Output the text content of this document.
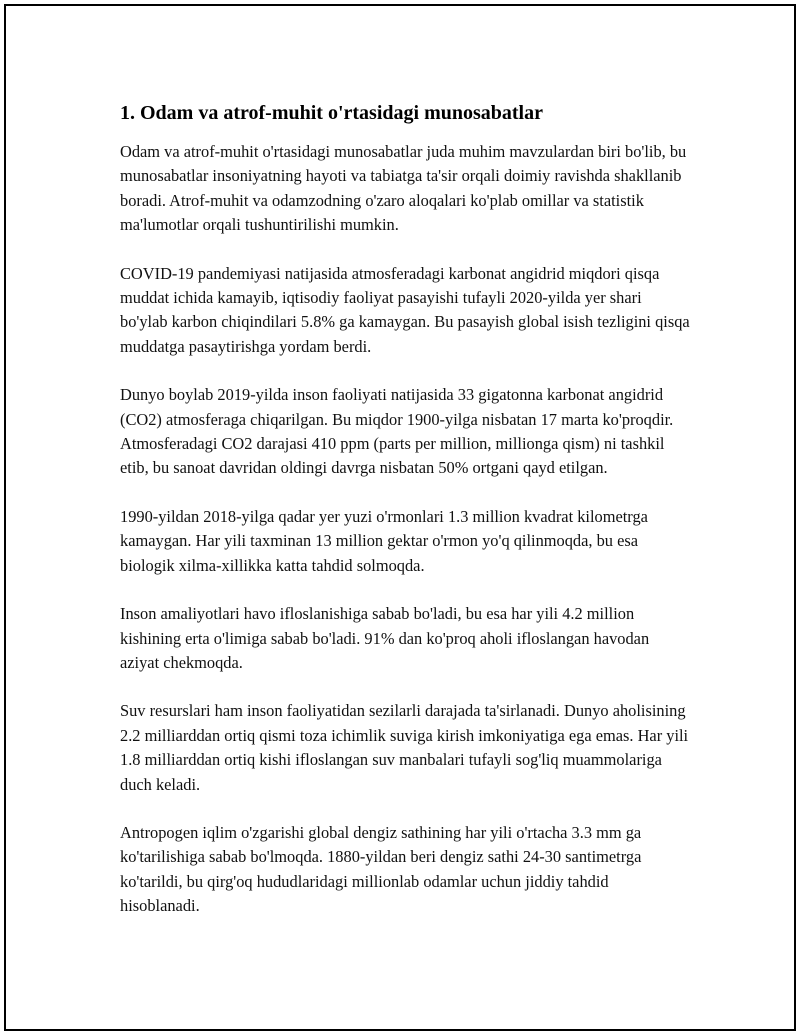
1. Odam va atrof-muhit o'rtasidagi munosabatlar

Odam va atrof-muhit o'rtasidagi munosabatlar juda muhim mavzulardan biri bo'lib, bu munosabatlar insoniyatning hayoti va tabiatga ta'sir orqali doimiy ravishda shakllanib boradi. Atrof-muhit va odamzodning o'zaro aloqalari ko'plab omillar va statistik ma'lumotlar orqali tushuntirilishi mumkin.

COVID-19 pandemiyasi natijasida atmosferadagi karbonat angidrid miqdori qisqa muddat ichida kamayib, iqtisodiy faoliyat pasayishi tufayli 2020-yilda yer shari bo'ylab karbon chiqindilari 5.8% ga kamaygan. Bu pasayish global isish tezligini qisqa muddatga pasaytirishga yordam berdi.

Dunyo boylab 2019-yilda inson faoliyati natijasida 33 gigatonna karbonat angidrid (CO2) atmosferaga chiqarilgan. Bu miqdor 1900-yilga nisbatan 17 marta ko'proqdir. Atmosferadagi CO2 darajasi 410 ppm (parts per million, millionga qism) ni tashkil etib, bu sanoat davridan oldingi davrga nisbatan 50% ortgani qayd etilgan.

1990-yildan 2018-yilga qadar yer yuzi o'rmonlari 1.3 million kvadrat kilometrga kamaygan. Har yili taxminan 13 million gektar o'rmon yo'q qilinmoqda, bu esa biologik xilma-xillikka katta tahdid solmoqda.

Inson amaliyotlari havo ifloslanishiga sabab bo'ladi, bu esa har yili 4.2 million kishining erta o'limiga sabab bo'ladi. 91% dan ko'proq aholi ifloslangan havodan aziyat chekmoqda.

Suv resurslari ham inson faoliyatidan sezilarli darajada ta'sirlanadi. Dunyo aholisining 2.2 milliarddan ortiq qismi toza ichimlik suviga kirish imkoniyatiga ega emas. Har yili 1.8 milliarddan ortiq kishi ifloslangan suv manbalari tufayli sog'liq muammolariga duch keladi.

Antropogen iqlim o'zgarishi global dengiz sathining har yili o'rtacha 3.3 mm ga ko'tarilishiga sabab bo'lmoqda. 1880-yildan beri dengiz sathi 24-30 santimetrga ko'tarildi, bu qirg'oq hududlaridagi millionlab odamlar uchun jiddiy tahdid hisoblanadi.
